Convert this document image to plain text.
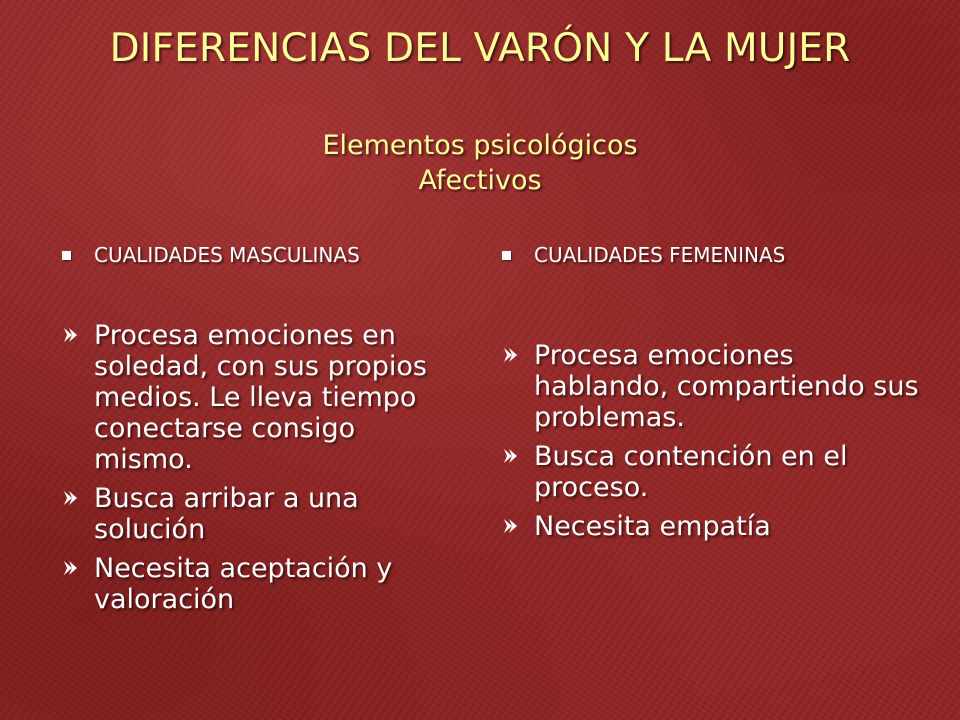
DIFERENCIAS DEL VARÓN Y LA MUJER
Elementos psicológicos
Afectivos
CUALIDADES MASCULINAS
Procesa emociones en soledad, con sus propios medios. Le lleva tiempo conectarse consigo mismo.
Busca arribar a una solución
Necesita aceptación y valoración
CUALIDADES FEMENINAS
Procesa emociones hablando, compartiendo sus problemas.
Busca contención en el proceso.
Necesita empatía
